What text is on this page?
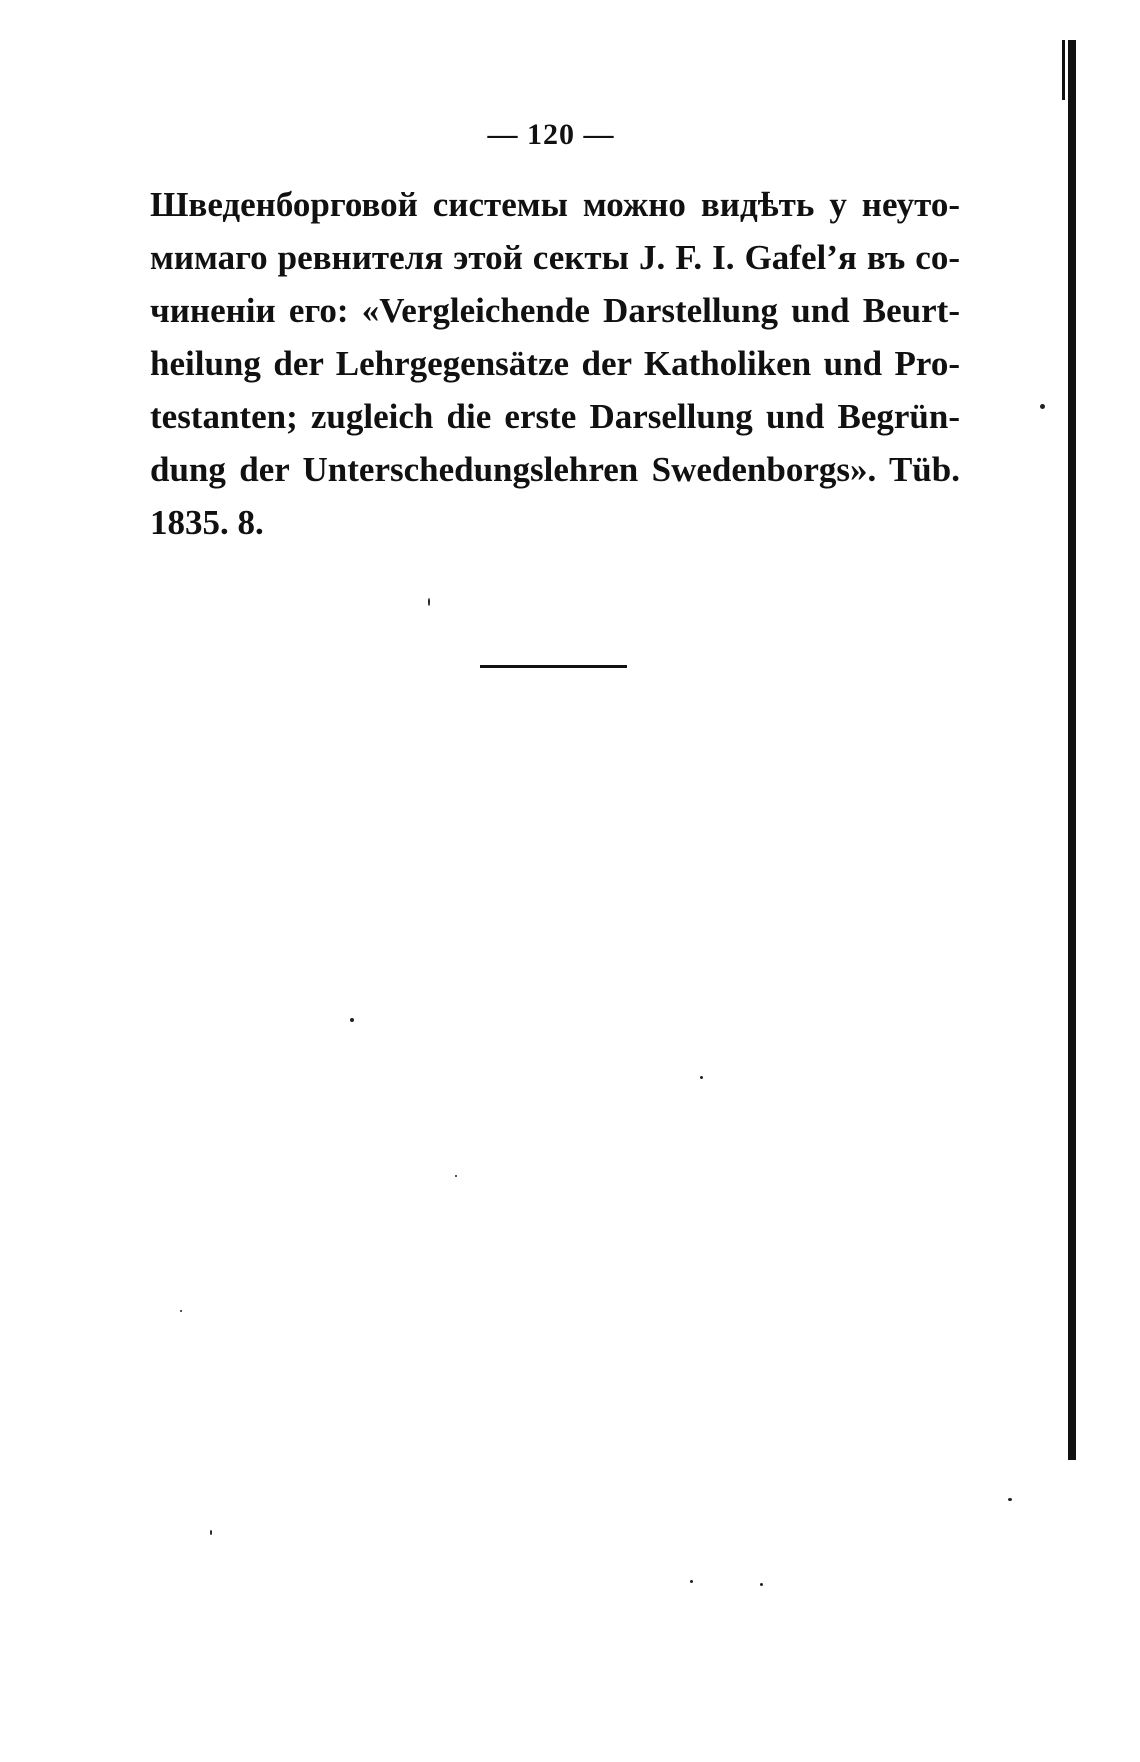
— 120 —
Шведенборговой системы можно видѣть у неуто-
мимаго ревнителя этой секты J. F. I. Gafel’я въ со-
чиненіи его: «Vergleichende Darstellung und Beurt-
heilung der Lehrgegensätze der Katholiken und Pro-
testanten; zugleich die erste Darsellung und Begrün-
dung der Unterschedungslehren Swedenborgs». Tüb.
1835. 8.
